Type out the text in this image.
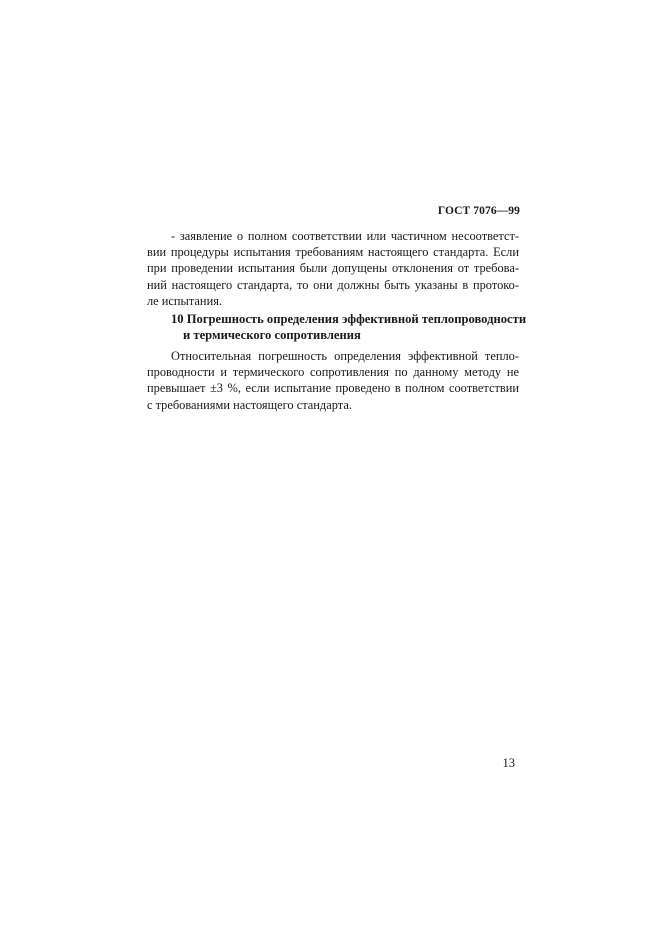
ГОСТ 7076—99

- заявление о полном соответствии или частичном несоответст-
вии процедуры испытания требованиям настоящего стандарта. Если
при проведении испытания были допущены отклонения от требова-
ний настоящего стандарта, то они должны быть указаны в протоко-
ле испытания.

10 Погрешность определения эффективной теплопроводности
и термического сопротивления

Относительная погрешность определения эффективной тепло-
проводности и термического сопротивления по данному методу не
превышает ±3 %, если испытание проведено в полном соответствии
с требованиями настоящего стандарта.

13
